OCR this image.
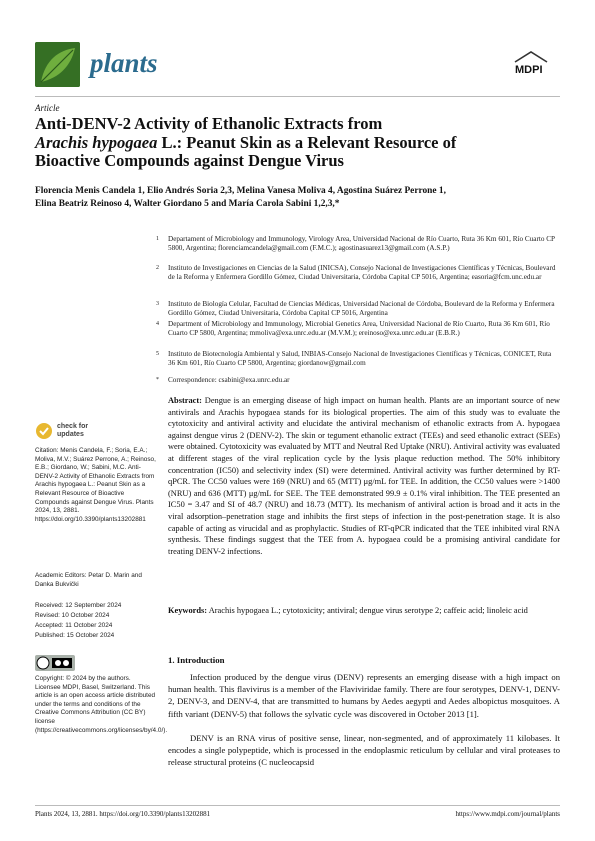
plants	MDPI
Article
Anti-DENV-2 Activity of Ethanolic Extracts from
Arachis hypogaea L.: Peanut Skin as a Relevant Resource of
Bioactive Compounds against Dengue Virus
Florencia Menis Candela 1, Elio Andrés Soria 2,3, Melina Vanesa Moliva 4, Agostina Suárez Perrone 1,
Elina Beatriz Reinoso 4, Walter Giordano 5 and María Carola Sabini 1,2,3,*
1 Departament of Microbiology and Immunology, Virology Area, Universidad Nacional de Río Cuarto, Ruta 36 Km 601, Río Cuarto CP 5800, Argentina; florenciamcandela@gmail.com (F.M.C.); agostinasuarez13@gmail.com (A.S.P.)
2 Instituto de Investigaciones en Ciencias de la Salud (INICSA), Consejo Nacional de Investigaciones Científicas y Técnicas, Boulevard de la Reforma y Enfermera Gordillo Gómez, Ciudad Universitaria, Córdoba Capital CP 5016, Argentina; easoria@fcm.unc.edu.ar
3 Instituto de Biología Celular, Facultad de Ciencias Médicas, Universidad Nacional de Córdoba, Boulevard de la Reforma y Enfermera Gordillo Gómez, Ciudad Universitaria, Córdoba Capital CP 5016, Argentina
4 Department of Microbiology and Immunology, Microbial Genetics Area, Universidad Nacional de Río Cuarto, Ruta 36 Km 601, Río Cuarto CP 5800, Argentina; mmoliva@exa.unrc.edu.ar (M.V.M.); ereinoso@exa.unrc.edu.ar (E.B.R.)
5 Instituto de Biotecnología Ambiental y Salud, INBIAS-Consejo Nacional de Investigaciones Científicas y Técnicas, CONICET, Ruta 36 Km 601, Río Cuarto CP 5800, Argentina; giordanow@gmail.com
* Correspondence: csabini@exa.unrc.edu.ar
check for updates
Citation: Menis Candela, F.; Soria, E.A.; Moliva, M.V.; Suárez Perrone, A.; Reinoso, E.B.; Giordano, W.; Sabini, M.C. Anti-DENV-2 Activity of Ethanolic Extracts from Arachis hypogaea L.: Peanut Skin as a Relevant Resource of Bioactive Compounds against Dengue Virus. Plants 2024, 13, 2881. https://doi.org/10.3390/plants13202881
Academic Editors: Petar D. Marin and Danka Bukvički
Received: 12 September 2024
Revised: 10 October 2024
Accepted: 11 October 2024
Published: 15 October 2024
Copyright: © 2024 by the authors. Licensee MDPI, Basel, Switzerland. This article is an open access article distributed under the terms and conditions of the Creative Commons Attribution (CC BY) license (https://creativecommons.org/licenses/by/4.0/).
Abstract: Dengue is an emerging disease of high impact on human health. Plants are an important source of new antivirals and Arachis hypogaea stands for its biological properties. The aim of this study was to evaluate the cytotoxicity and antiviral activity and elucidate the antiviral mechanism of ethanolic extracts from A. hypogaea against dengue virus 2 (DENV-2). The skin or tegument ethanolic extract (TEEs) and seed ethanolic extract (SEEs) were obtained. Cytotoxicity was evaluated by MTT and Neutral Red Uptake (NRU). Antiviral activity was evaluated at different stages of the viral replication cycle by the lysis plaque reduction method. The 50% inhibitory concentration (IC50) and selectivity index (SI) were determined. Antiviral activity was further determined by RT-qPCR. The CC50 values were 169 (NRU) and 65 (MTT) μg/mL for TEE. In addition, the CC50 values were >1400 (NRU) and 636 (MTT) μg/mL for SEE. The TEE demonstrated 99.9 ± 0.1% viral inhibition. The TEE presented an IC50 = 3.47 and SI of 48.7 (NRU) and 18.73 (MTT). Its mechanism of antiviral action is broad and it acts in the viral adsorption–penetration stage and inhibits the first steps of infection in the post-penetration stage. It is also capable of acting as virucidal and as prophylactic. Studies of RT-qPCR indicated that the TEE inhibited viral RNA synthesis. These findings suggest that the TEE from A. hypogaea could be a promising antiviral candidate for treating DENV-2 infections.
Keywords: Arachis hypogaea L.; cytotoxicity; antiviral; dengue virus serotype 2; caffeic acid; linoleic acid
1. Introduction
Infection produced by the dengue virus (DENV) represents an emerging disease with a high impact on human health. This flavivirus is a member of the Flaviviridae family. There are four serotypes, DENV-1, DENV-2, DENV-3, and DENV-4, that are transmitted to humans by Aedes aegypti and Aedes albopictus mosquitoes. A fifth variant (DENV-5) that follows the sylvatic cycle was discovered in October 2013 [1].
DENV is an RNA virus of positive sense, linear, non-segmented, and of approximately 11 kilobases. It encodes a single polypeptide, which is processed in the endoplasmic reticulum by cellular and viral proteases to release structural proteins (C nucleocapsid
Plants 2024, 13, 2881. https://doi.org/10.3390/plants13202881	https://www.mdpi.com/journal/plants
